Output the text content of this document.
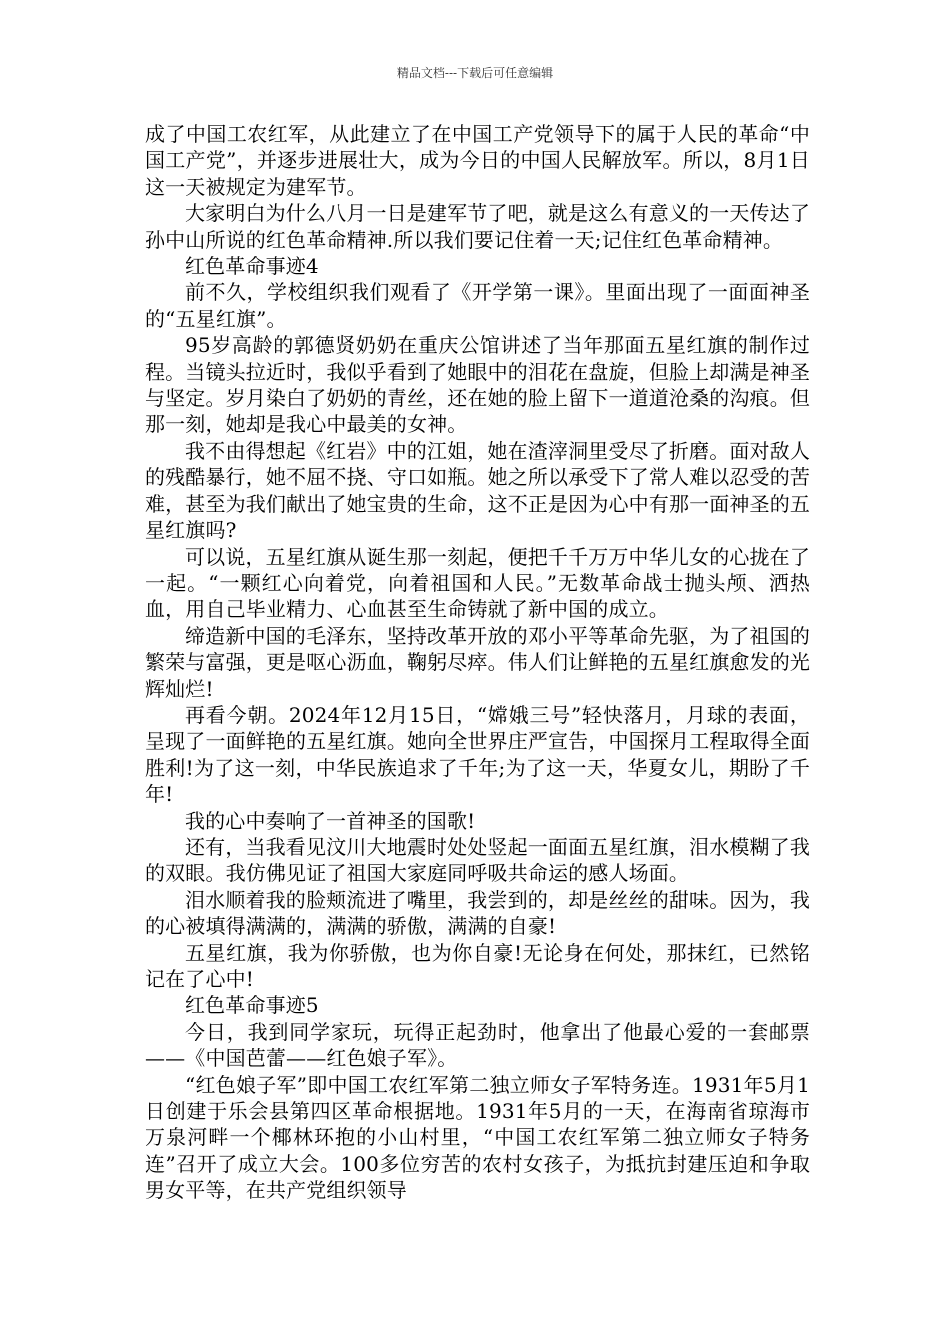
精品文档---下载后可任意编辑

成了中国工农红军，从此建立了在中国工产党领导下的属于人民的革命“中国工产党”，并逐步进展壮大，成为今日的中国人民解放军。所以，8月1日这一天被规定为建军节。

大家明白为什么八月一日是建军节了吧，就是这么有意义的一天传达了孙中山所说的红色革命精神.所以我们要记住着一天;记住红色革命精神。

红色革命事迹4

前不久，学校组织我们观看了《开学第一课》。里面出现了一面面神圣的“五星红旗”。

95岁高龄的郭德贤奶奶在重庆公馆讲述了当年那面五星红旗的制作过程。当镜头拉近时，我似乎看到了她眼中的泪花在盘旋，但脸上却满是神圣与坚定。岁月染白了奶奶的青丝，还在她的脸上留下一道道沧桑的沟痕。但那一刻，她却是我心中最美的女神。

我不由得想起《红岩》中的江姐，她在渣滓洞里受尽了折磨。面对敌人的残酷暴行，她不屈不挠、守口如瓶。她之所以承受下了常人难以忍受的苦难，甚至为我们献出了她宝贵的生命，这不正是因为心中有那一面神圣的五星红旗吗?

可以说，五星红旗从诞生那一刻起，便把千千万万中华儿女的心拢在了一起。“一颗红心向着党，向着祖国和人民。”无数革命战士抛头颅、洒热血，用自己毕业精力、心血甚至生命铸就了新中国的成立。

缔造新中国的毛泽东，坚持改革开放的邓小平等革命先驱，为了祖国的繁荣与富强，更是呕心沥血，鞠躬尽瘁。伟人们让鲜艳的五星红旗愈发的光辉灿烂!

再看今朝。2024年12月15日，“嫦娥三号”轻快落月，月球的表面，呈现了一面鲜艳的五星红旗。她向全世界庄严宣告，中国探月工程取得全面胜利!为了这一刻，中华民族追求了千年;为了这一天，华夏女儿，期盼了千年!

我的心中奏响了一首神圣的国歌!

还有，当我看见汶川大地震时处处竖起一面面五星红旗，泪水模糊了我的双眼。我仿佛见证了祖国大家庭同呼吸共命运的感人场面。

泪水顺着我的脸颊流进了嘴里，我尝到的，却是丝丝的甜味。因为，我的心被填得满满的，满满的骄傲，满满的自豪!

五星红旗，我为你骄傲，也为你自豪!无论身在何处，那抹红，已然铭记在了心中!

红色革命事迹5

今日，我到同学家玩，玩得正起劲时，他拿出了他最心爱的一套邮票——《中国芭蕾——红色娘子军》。

“红色娘子军”即中国工农红军第二独立师女子军特务连。1931年5月1日创建于乐会县第四区革命根据地。1931年5月的一天，在海南省琼海市万泉河畔一个椰林环抱的小山村里，“中国工农红军第二独立师女子特务连”召开了成立大会。100多位穷苦的农村女孩子，为抵抗封建压迫和争取男女平等，在共产党组织领导
